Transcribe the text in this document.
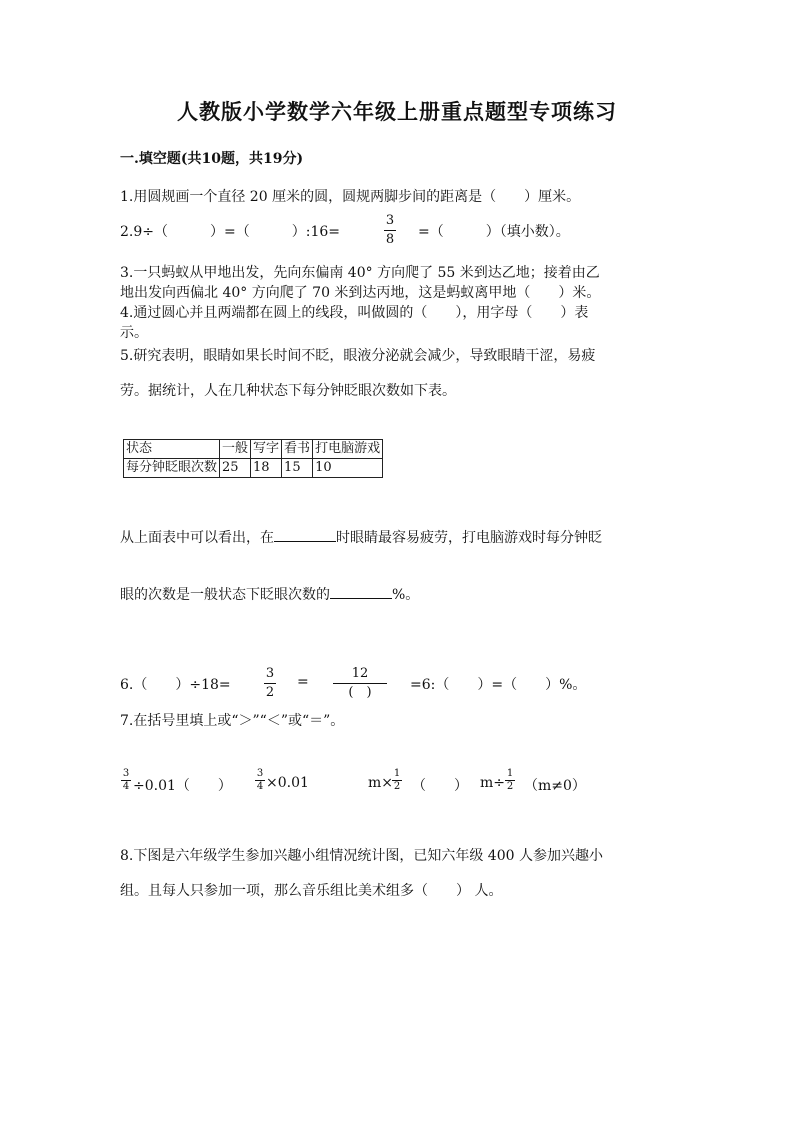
人教版小学数学六年级上册重点题型专项练习
一.填空题(共10题，共19分)
1.用圆规画一个直径 20 厘米的圆，圆规两脚步间的距离是（　　）厘米。
2.9÷（　　　）=（　　　）:16=
3
8 =（　　　）（填小数）。
3.一只蚂蚁从甲地出发，先向东偏南 40° 方向爬了 55 米到达乙地；接着由乙
地出发向西偏北 40° 方向爬了 70 米到达丙地，这是蚂蚁离甲地（　　）米。
4.通过圆心并且两端都在圆上的线段，叫做圆的（　　），用字母（　　）表
示。
5.研究表明，眼睛如果长时间不眨，眼液分泌就会减少，导致眼睛干涩，易疲
劳。据统计，人在几种状态下每分钟眨眼次数如下表。
状态	一般	写字	看书	打电脑游戏
每分钟眨眼次数	25	18	15	10
从上面表中可以看出，在	时眼睛最容易疲劳，打电脑游戏时每分钟眨
眼的次数是一般状态下眨眼次数的	%。
6.（　　）÷18=
3
2
=
12
(　)	=6:（　　）=（　　）%。
7.在括号里填上或“＞”“＜”或“＝”。
3
4 ÷0.01（　　）
3
4 ×0.01	m×
1
2 （　　） m÷
1
2 （m≠0）
8.下图是六年级学生参加兴趣小组情况统计图，已知六年级 400 人参加兴趣小
组。且每人只参加一项，那么音乐组比美术组多（　　） 人。
